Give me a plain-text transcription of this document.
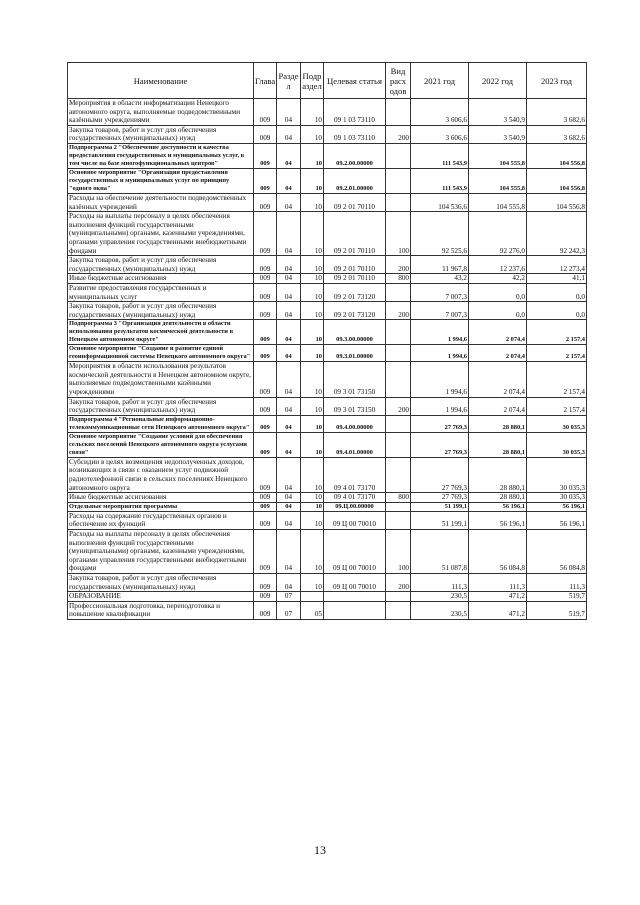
Наименование	Глава	Разде л	Подр аздел	Целевая статья	Вид расх одов	2021 год	2022 год	2023 год
Мероприятия в области информатизации Ненецкого автономного округа, выполняемые подведомственными казёнными учреждениями	009	04	10	09 1 03 73110		3 606,6	3 540,9	3 682,6
Закупка товаров, работ и услуг для обеспечения государственных (муниципальных) нужд	009	04	10	09 1 03 73110	200	3 606,6	3 540,9	3 682,6
Подпрограмма 2 "Обеспечение доступности и качества предоставления государственных и муниципальных услуг, в том числе на базе многофункциональных центров"	009	04	10	09.2.00.00000		111 543,9	104 555,8	104 556,8
Основное мероприятие "Организация предоставления государственных и муниципальных услуг по принципу "одного окна"	009	04	10	09.2.01.00000		111 543,9	104 555,8	104 556,8
Расходы на обеспечение деятельности подведомственных казённых учреждений	009	04	10	09 2 01 70110		104 536,6	104 555,8	104 556,8
Расходы на выплаты персоналу в целях обеспечения выполнения функций государственными (муниципальными) органами, казенными учреждениями, органами управления государственными внебюджетными фондами	009	04	10	09 2 01 70110	100	92 525,6	92 276,0	92 242,3
Закупка товаров, работ и услуг для обеспечения государственных (муниципальных) нужд	009	04	10	09 2 01 70110	200	11 967,8	12 237,6	12 273,4
Иные бюджетные ассигнования	009	04	10	09 2 01 70110	800	43,2	42,2	41,1
Развитие предоставления государственных и муниципальных услуг	009	04	10	09 2 01 73120		7 007,3	0,0	0,0
Закупка товаров, работ и услуг для обеспечения государственных (муниципальных) нужд	009	04	10	09 2 01 73120	200	7 007,3	0,0	0,0
Подпрограмма 3 "Организация деятельности в области использования результатов космической деятельности в Ненецком автономном округе"	009	04	10	09.3.00.00000		1 994,6	2 074,4	2 157,4
Основное мероприятие "Создание и развитие единой геоинформационной системы Ненецкого автономного округа"	009	04	10	09.3.01.00000		1 994,6	2 074,4	2 157,4
Мероприятия в области использования результатов космической деятельности в Ненецком автономном округе, выполняемые подведомственными казёнными учреждениями	009	04	10	09 3 01 73150		1 994,6	2 074,4	2 157,4
Закупка товаров, работ и услуг для обеспечения государственных (муниципальных) нужд	009	04	10	09 3 01 73150	200	1 994,6	2 074,4	2 157,4
Подпрограмма 4 "Региональные информационно-телекоммуникационные сети Ненецкого автономного округа"	009	04	10	09.4.00.00000		27 769,3	28 880,1	30 035,3
Основное мероприятие "Создание условий для обеспечения сельских поселений Ненецкого автономного округа услугами связи"	009	04	10	09.4.01.00000		27 769,3	28 880,1	30 035,3
Субсидии в целях возмещения недополученных доходов, возникающих в связи с оказанием услуг подвижной радиотелефонной связи в сельских поселениях Ненецкого автономного округа	009	04	10	09 4 01 73170		27 769,3	28 880,1	30 035,3
Иные бюджетные ассигнования	009	04	10	09 4 01 73170	800	27 769,3	28 880,1	30 035,3
Отдельные мероприятия программы	009	04	10	09.Ц.00.00000		51 199,1	56 196,1	56 196,1
Расходы на содержание государственных органов и обеспечение их функций	009	04	10	09 Ц 00 70010		51 199,1	56 196,1	56 196,1
Расходы на выплаты персоналу в целях обеспечения выполнения функций государственными (муниципальными) органами, казенными учреждениями, органами управления государственными внебюджетными фондами	009	04	10	09 Ц 00 70010	100	51 087,8	56 084,8	56 084,8
Закупка товаров, работ и услуг для обеспечения государственных (муниципальных) нужд	009	04	10	09 Ц 00 70010	200	111,3	111,3	111,3
ОБРАЗОВАНИЕ	009	07				230,5	471,2	519,7
Профессиональная подготовка, переподготовка и повышение квалификации	009	07	05			230,5	471,2	519,7
13
